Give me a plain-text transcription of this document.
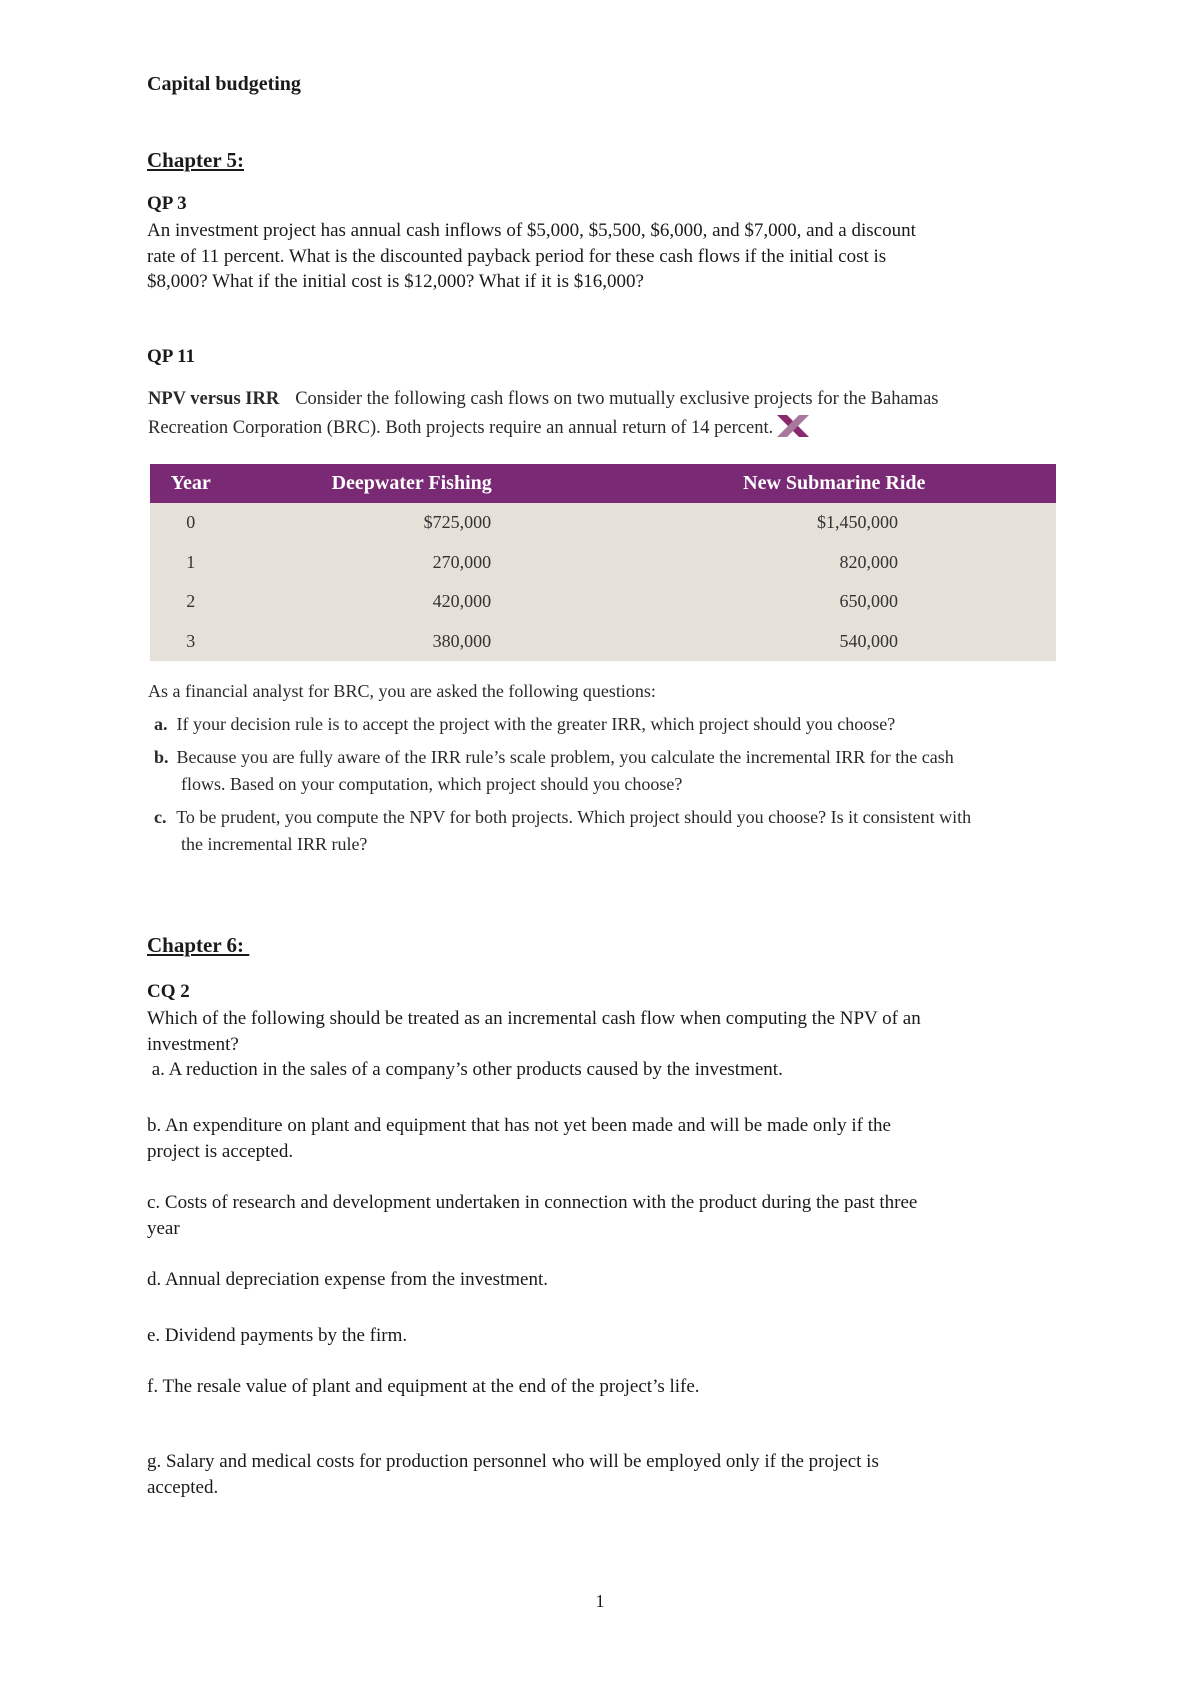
Capital budgeting
Chapter 5:
QP 3
An investment project has annual cash inflows of $5,000, $5,500, $6,000, and $7,000, and a discount
rate of 11 percent. What is the discounted payback period for these cash flows if the initial cost is
$8,000? What if the initial cost is $12,000? What if it is $16,000?
QP 11
NPV versus IRR Consider the following cash flows on two mutually exclusive projects for the Bahamas
Recreation Corporation (BRC). Both projects require an annual return of 14 percent.
Year	Deepwater Fishing	New Submarine Ride
0	$725,000	$1,450,000
1	270,000	820,000
2	420,000	650,000
3	380,000	540,000
As a financial analyst for BRC, you are asked the following questions:
a. If your decision rule is to accept the project with the greater IRR, which project should you choose?
b. Because you are fully aware of the IRR rule’s scale problem, you calculate the incremental IRR for the cash
flows. Based on your computation, which project should you choose?
c. To be prudent, you compute the NPV for both projects. Which project should you choose? Is it consistent with
the incremental IRR rule?
Chapter 6:
CQ 2
Which of the following should be treated as an incremental cash flow when computing the NPV of an
investment?
a. A reduction in the sales of a company’s other products caused by the investment.
b. An expenditure on plant and equipment that has not yet been made and will be made only if the
project is accepted.
c. Costs of research and development undertaken in connection with the product during the past three
year
d. Annual depreciation expense from the investment.
e. Dividend payments by the firm.
f. The resale value of plant and equipment at the end of the project’s life.
g. Salary and medical costs for production personnel who will be employed only if the project is
accepted.
1
